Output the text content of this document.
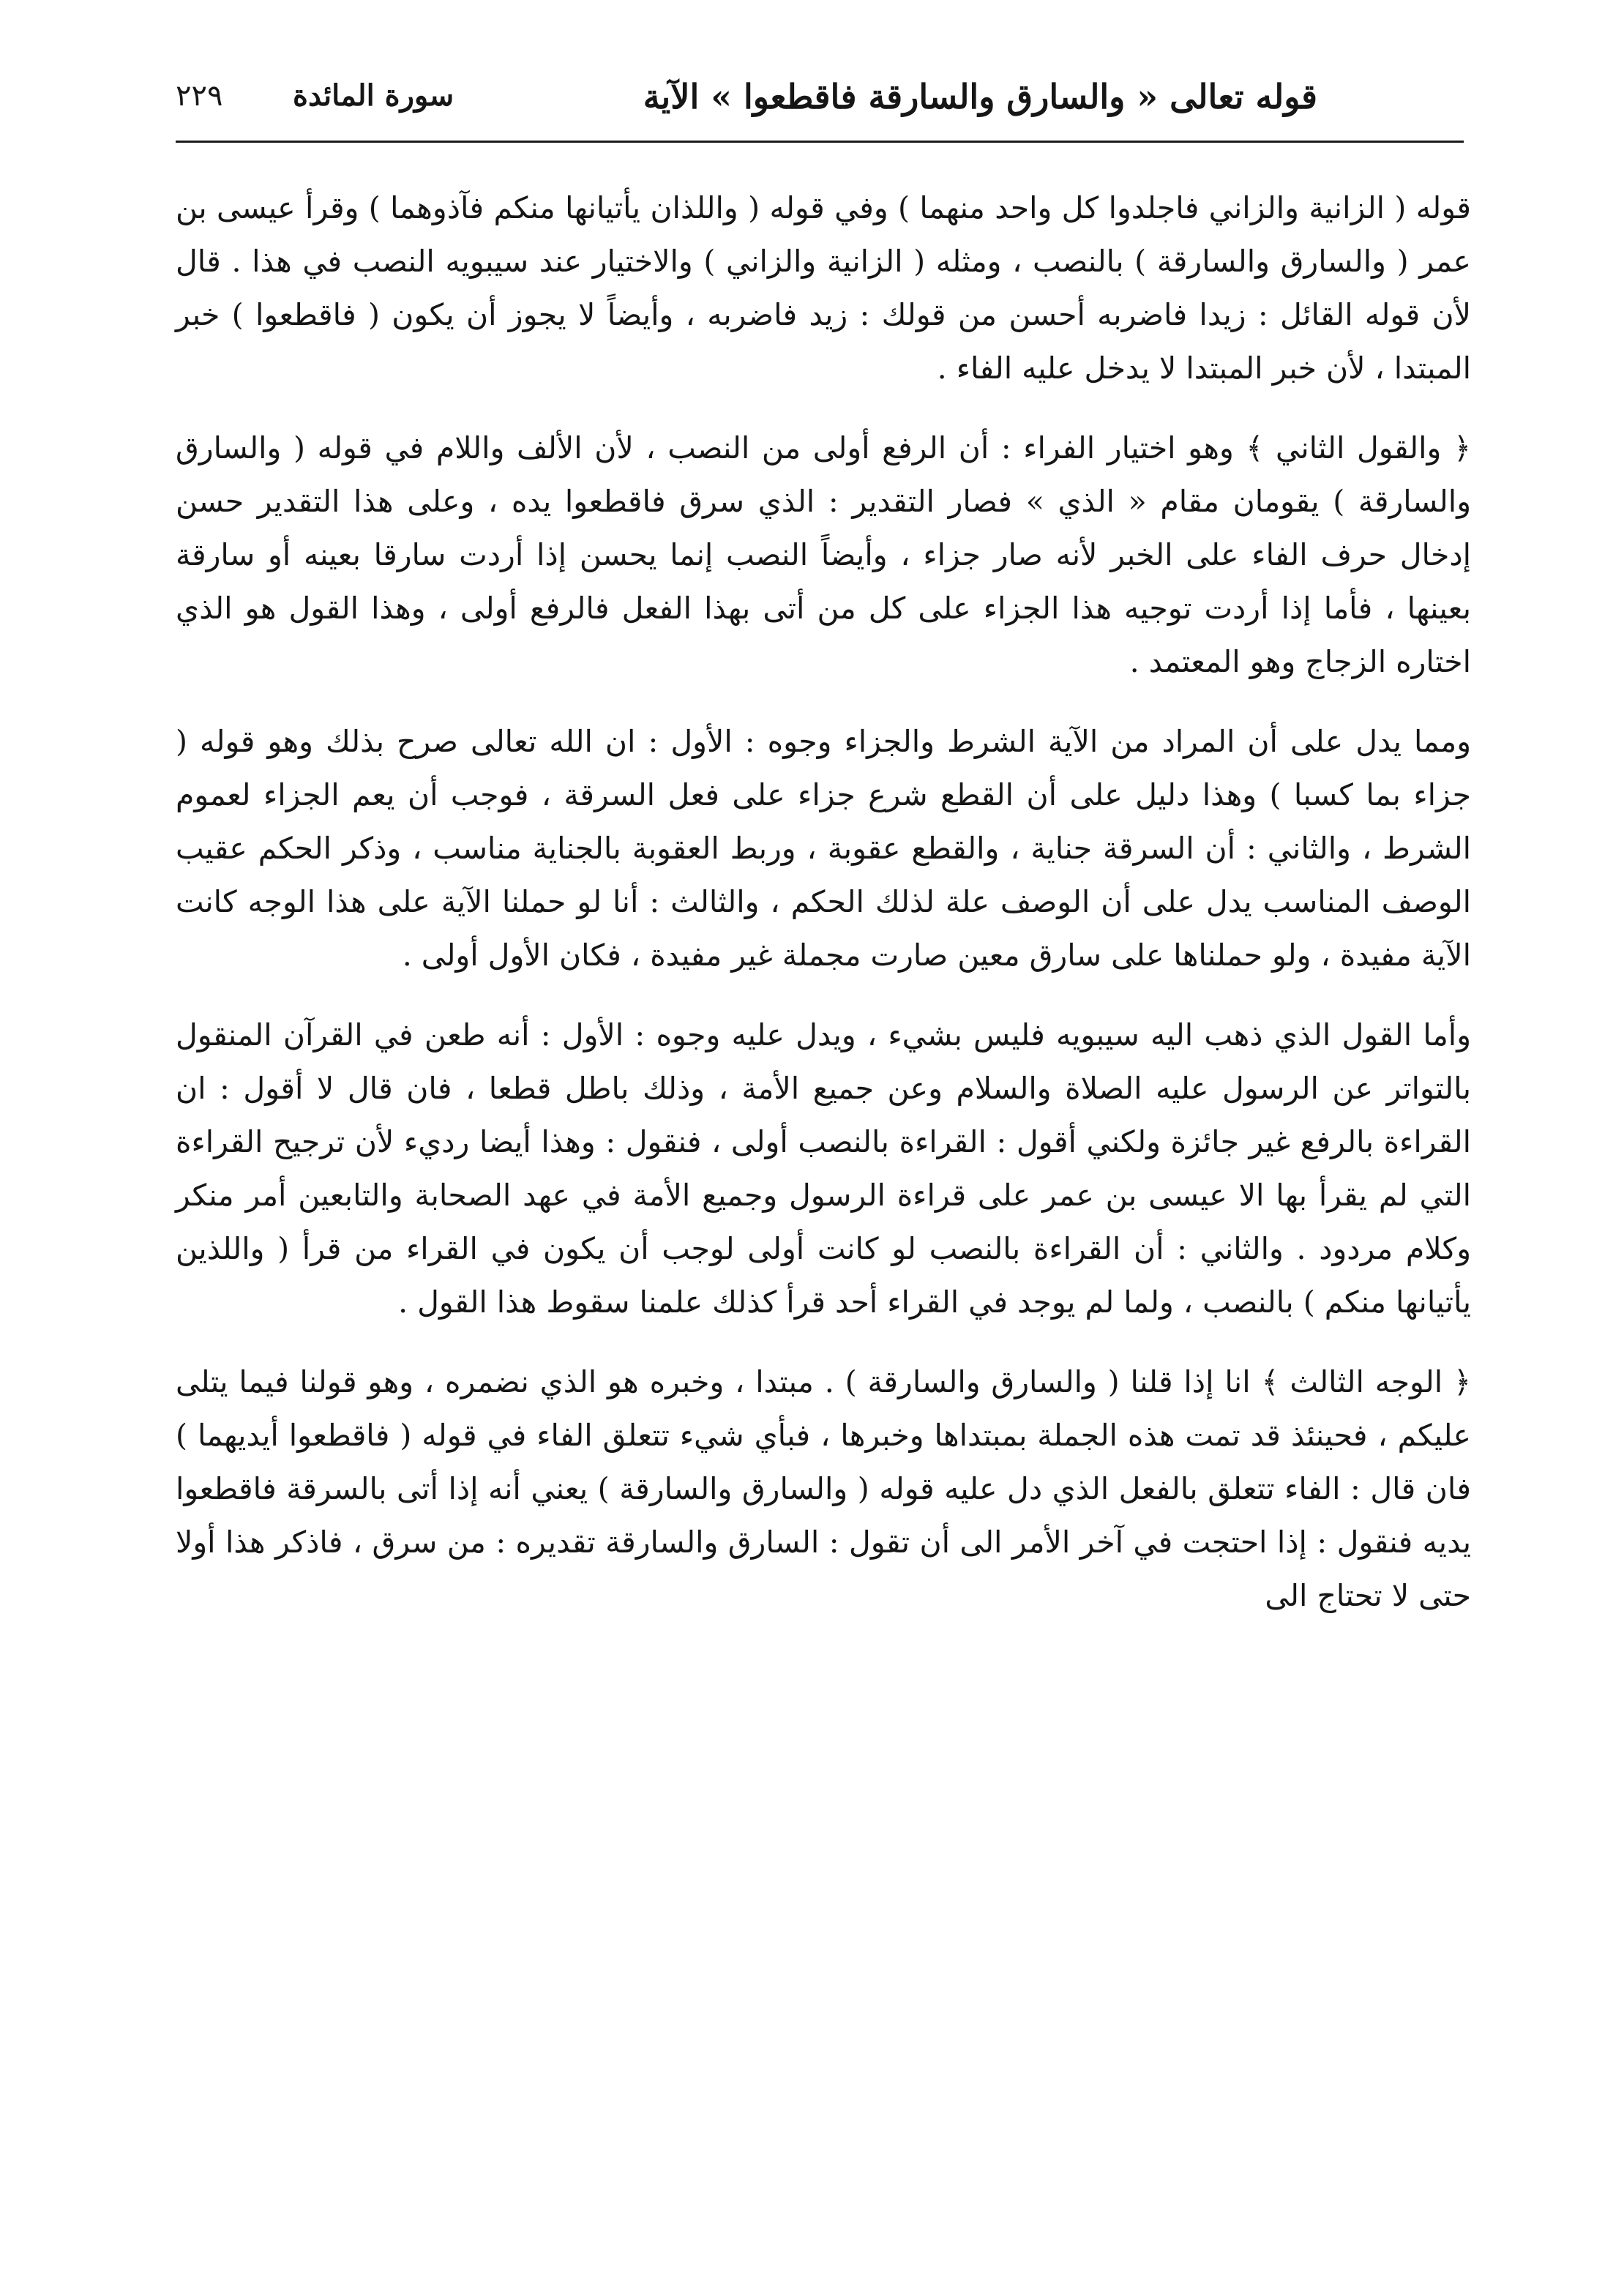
قوله تعالى « والسارق والسارقة فاقطعوا » الآية
سورة المائدة
٢٢٩

قوله ( الزانية والزاني فاجلدوا كل واحد منهما ) وفي قوله ( واللذان يأتيانها منكم فآذوهما ) وقرأ عيسى بن عمر ( والسارق والسارقة ) بالنصب ، ومثله ( الزانية والزاني ) والاختيار عند سيبويه النصب في هذا . قال لأن قوله القائل : زيدا فاضربه أحسن من قولك : زيد فاضربه ، وأيضاً لا يجوز أن يكون ( فاقطعوا ) خبر المبتدا ، لأن خبر المبتدا لا يدخل عليه الفاء .

﴿ والقول الثاني ﴾ وهو اختيار الفراء : أن الرفع أولى من النصب ، لأن الألف واللام في قوله ( والسارق والسارقة ) يقومان مقام « الذي » فصار التقدير : الذي سرق فاقطعوا يده ، وعلى هذا التقدير حسن إدخال حرف الفاء على الخبر لأنه صار جزاء ، وأيضاً النصب إنما يحسن إذا أردت سارقا بعينه أو سارقة بعينها ، فأما إذا أردت توجيه هذا الجزاء على كل من أتى بهذا الفعل فالرفع أولى ، وهذا القول هو الذي اختاره الزجاج وهو المعتمد .

ومما يدل على أن المراد من الآية الشرط والجزاء وجوه : الأول : ان الله تعالى صرح بذلك وهو قوله ( جزاء بما كسبا ) وهذا دليل على أن القطع شرع جزاء على فعل السرقة ، فوجب أن يعم الجزاء لعموم الشرط ، والثاني : أن السرقة جناية ، والقطع عقوبة ، وربط العقوبة بالجناية مناسب ، وذكر الحكم عقيب الوصف المناسب يدل على أن الوصف علة لذلك الحكم ، والثالث : أنا لو حملنا الآية على هذا الوجه كانت الآية مفيدة ، ولو حملناها على سارق معين صارت مجملة غير مفيدة ، فكان الأول أولى .

وأما القول الذي ذهب اليه سيبويه فليس بشيء ، ويدل عليه وجوه : الأول : أنه طعن في القرآن المنقول بالتواتر عن الرسول عليه الصلاة والسلام وعن جميع الأمة ، وذلك باطل قطعا ، فان قال لا أقول : ان القراءة بالرفع غير جائزة ولكني أقول : القراءة بالنصب أولى ، فنقول : وهذا أيضا رديء لأن ترجيح القراءة التي لم يقرأ بها الا عيسى بن عمر على قراءة الرسول وجميع الأمة في عهد الصحابة والتابعين أمر منكر وكلام مردود . والثاني : أن القراءة بالنصب لو كانت أولى لوجب أن يكون في القراء من قرأ ( واللذين يأتيانها منكم ) بالنصب ، ولما لم يوجد في القراء أحد قرأ كذلك علمنا سقوط هذا القول .

﴿ الوجه الثالث ﴾ انا إذا قلنا ( والسارق والسارقة ) . مبتدا ، وخبره هو الذي نضمره ، وهو قولنا فيما يتلى عليكم ، فحينئذ قد تمت هذه الجملة بمبتداها وخبرها ، فبأي شيء تتعلق الفاء في قوله ( فاقطعوا أيديهما ) فان قال : الفاء تتعلق بالفعل الذي دل عليه قوله ( والسارق والسارقة ) يعني أنه إذا أتى بالسرقة فاقطعوا يديه فنقول : إذا احتجت في آخر الأمر الى أن تقول : السارق والسارقة تقديره : من سرق ، فاذكر هذا أولا حتى لا تحتاج الى
